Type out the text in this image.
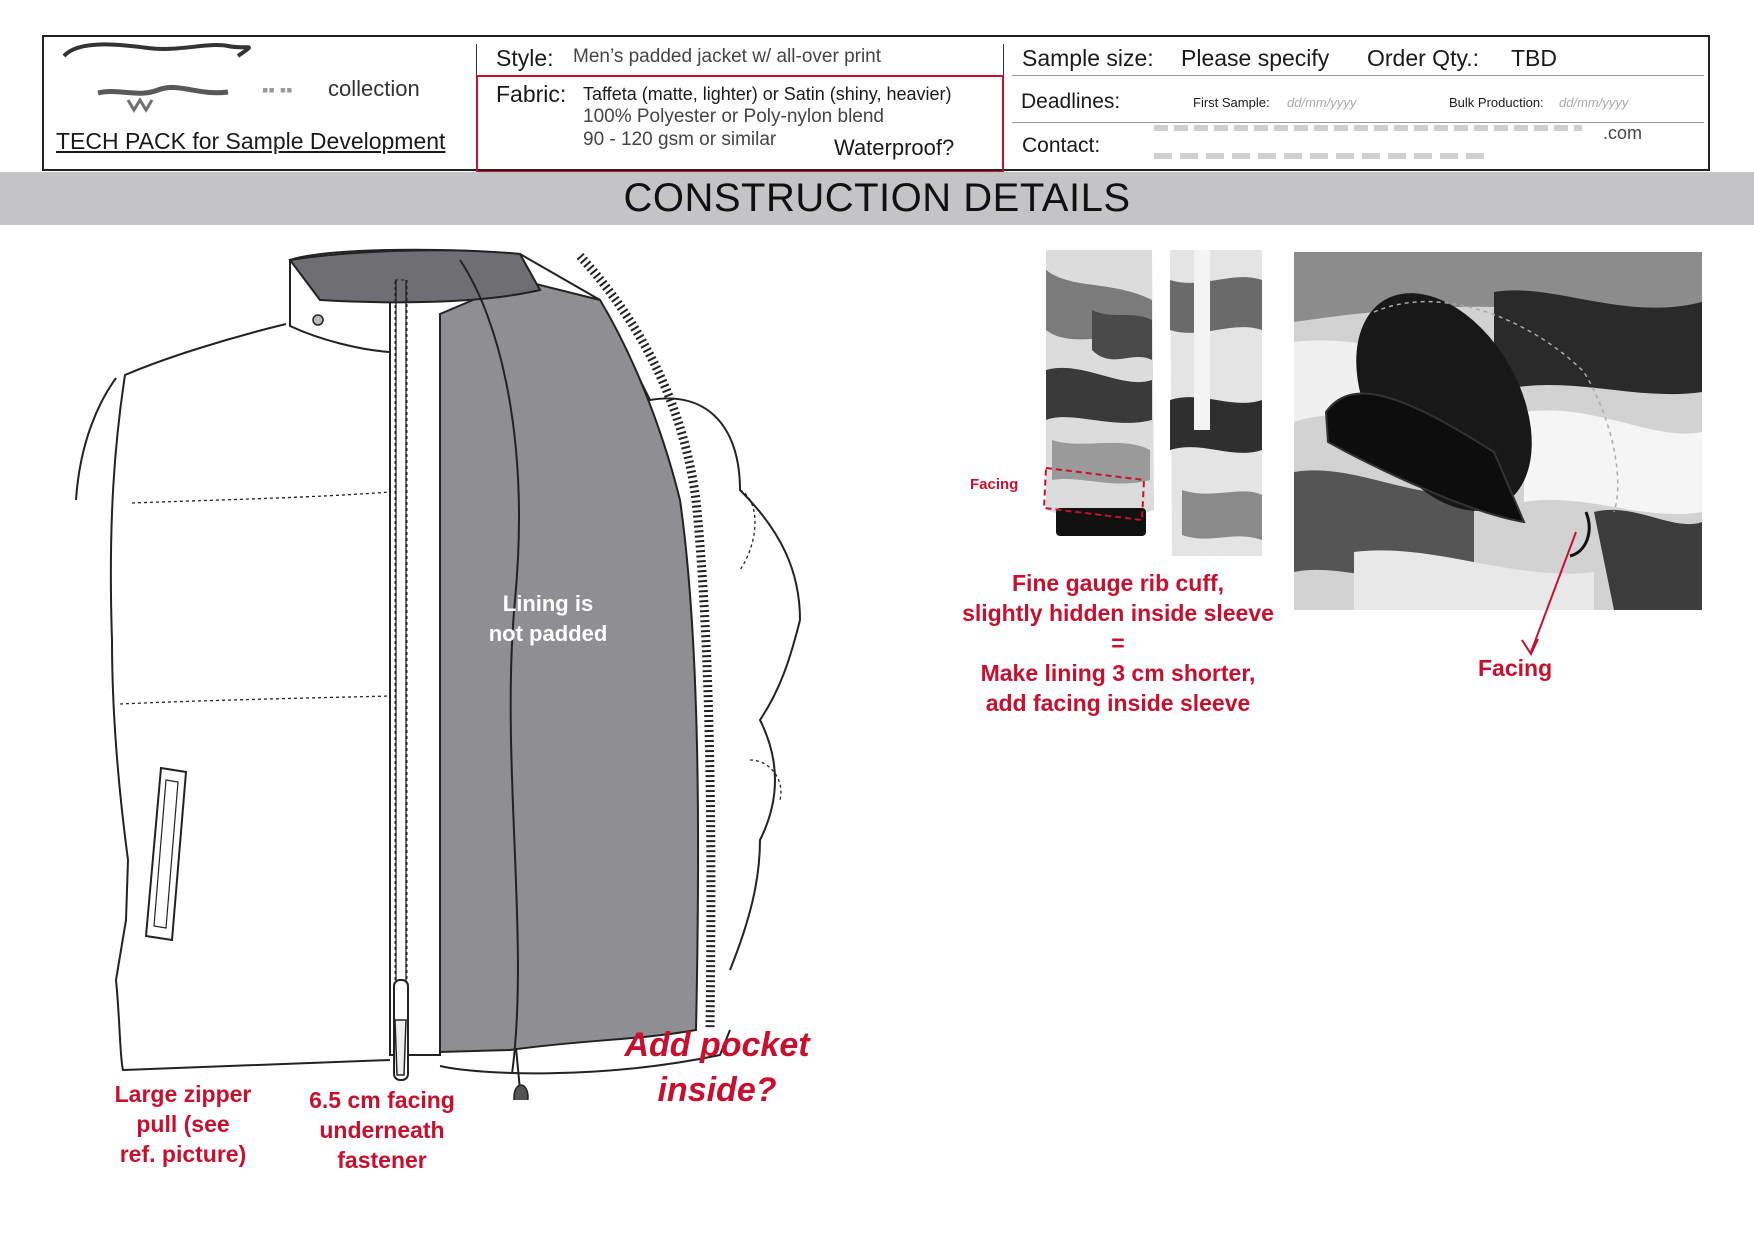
▪▪ ▪▪ collection
TECH PACK for Sample Development
Style: Men’s padded jacket w/ all-over print
Fabric: Taffeta (matte, lighter) or Satin (shiny, heavier)
100% Polyester or Poly-nylon blend
90 - 120 gsm or similar	Waterproof?
Sample size: Please specify Order Qty.: TBD
Deadlines:	First Sample: dd/mm/yyyy	Bulk Production: dd/mm/yyyy
Contact:
.com
CONSTRUCTION DETAILS
Lining is
not padded
Large zipper
pull (see
ref. picture)
6.5 cm facing
underneath
fastener
Add pocket
inside?
Facing
Facing
Fine gauge rib cuff,
slightly hidden inside sleeve
=
Make lining 3 cm shorter,
add facing inside sleeve
